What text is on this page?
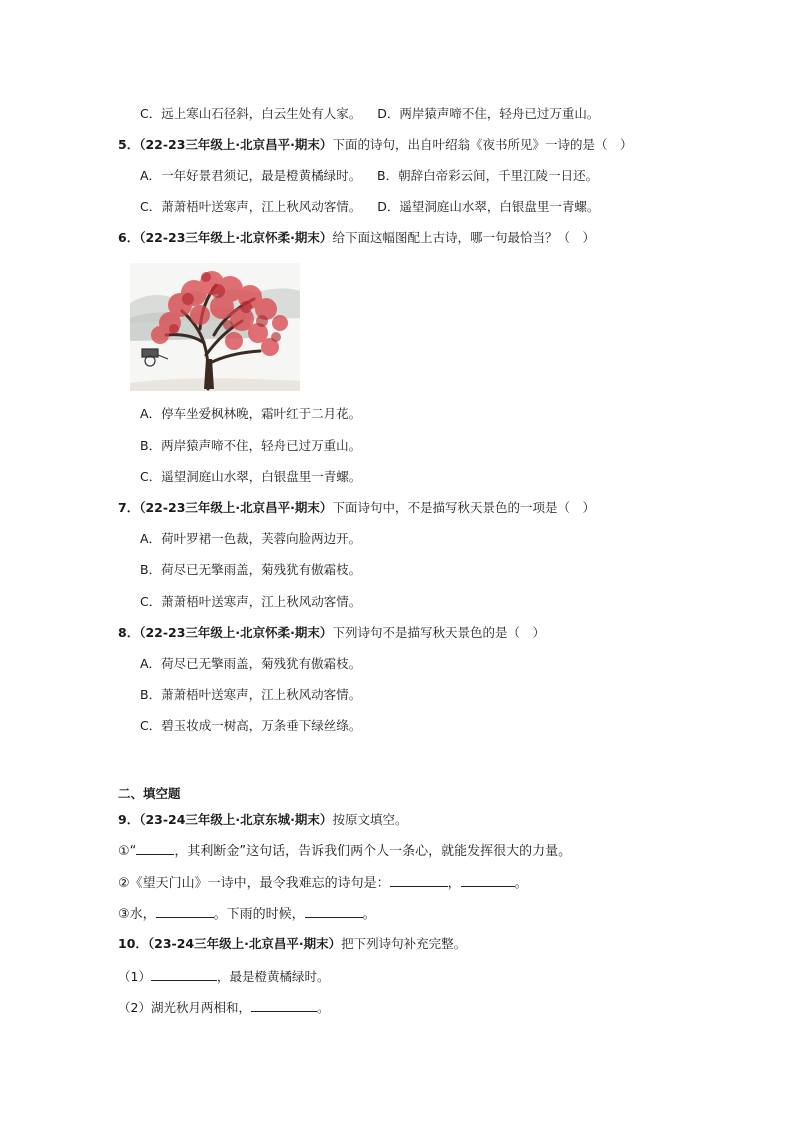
C．远上寒山石径斜，白云生处有人家。 D．两岸猿声啼不住，轻舟已过万重山。
5．（22-23三年级上·北京昌平·期末）下面的诗句，出自叶绍翁《夜书所见》一诗的是（　）
A．一年好景君须记，最是橙黄橘绿时。 B．朝辞白帝彩云间，千里江陵一日还。
C．萧萧梧叶送寒声，江上秋风动客情。 D．遥望洞庭山水翠，白银盘里一青螺。
6．（22-23三年级上·北京怀柔·期末）给下面这幅图配上古诗，哪一句最恰当？（　）
A．停车坐爱枫林晚，霜叶红于二月花。
B．两岸猿声啼不住，轻舟已过万重山。
C．遥望洞庭山水翠，白银盘里一青螺。
7．（22-23三年级上·北京昌平·期末）下面诗句中，不是描写秋天景色的一项是（　）
A．荷叶罗裙一色裁，芙蓉向脸两边开。
B．荷尽已无擎雨盖，菊残犹有傲霜枝。
C．萧萧梧叶送寒声，江上秋风动客情。
8．（22-23三年级上·北京怀柔·期末）下列诗句不是描写秋天景色的是（　）
A．荷尽已无擎雨盖，菊残犹有傲霜枝。
B．萧萧梧叶送寒声，江上秋风动客情。
C．碧玉妆成一树高，万条垂下绿丝绦。
二、填空题
9．（23-24三年级上·北京东城·期末）按原文填空。
①“	，其利断金”这句话，告诉我们两个人一条心，就能发挥很大的力量。
②《望天门山》一诗中，最令我难忘的诗句是：	，	。
③水，	。下雨的时候，	。
10．（23-24三年级上·北京昌平·期末）把下列诗句补充完整。
（1）	，最是橙黄橘绿时。
（2）湖光秋月两相和，	。
